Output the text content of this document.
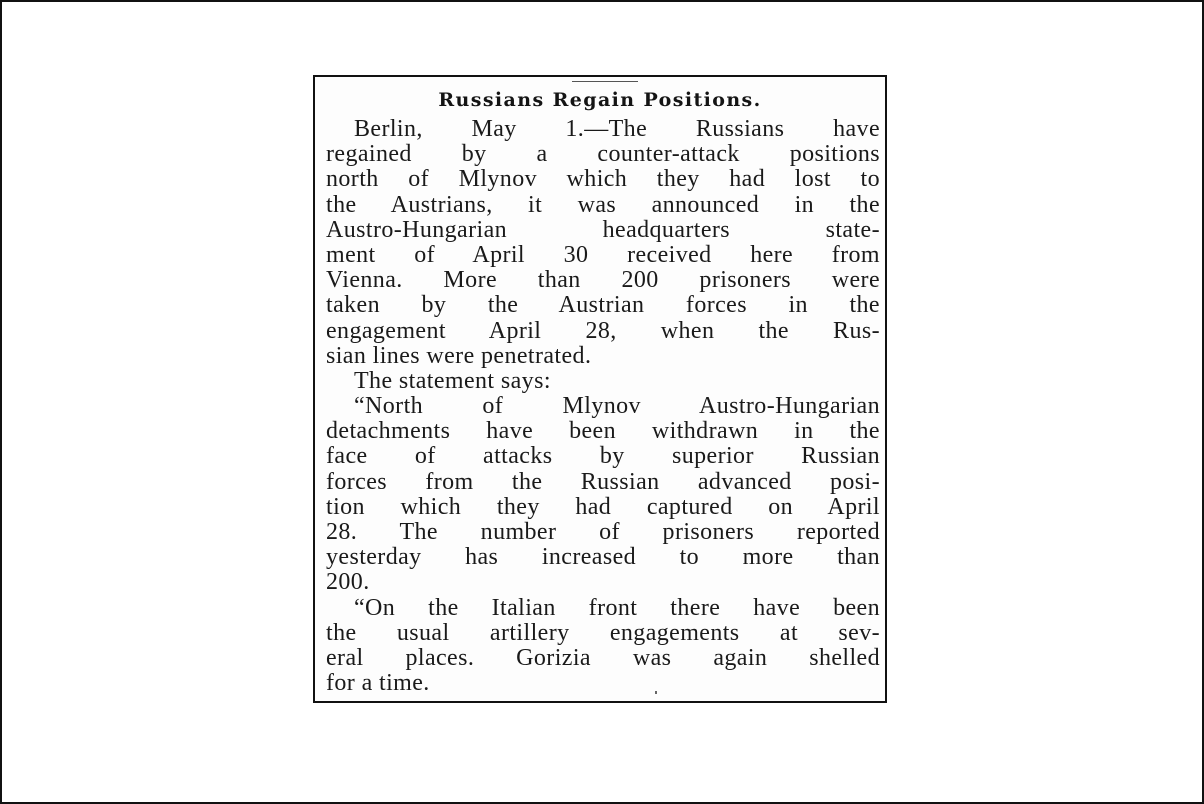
Russians Regain Positions.
Berlin, May 1.—The Russians have
regained by a counter-attack positions
north of Mlynov which they had lost to
the Austrians, it was announced in the
Austro-Hungarian headquarters state-
ment of April 30 received here from
Vienna. More than 200 prisoners were
taken by the Austrian forces in the
engagement April 28, when the Rus-
sian lines were penetrated.
The statement says:
“North of Mlynov Austro-Hungarian
detachments have been withdrawn in the
face of attacks by superior Russian
forces from the Russian advanced posi-
tion which they had captured on April
28. The number of prisoners reported
yesterday has increased to more than
200.
“On the Italian front there have been
the usual artillery engagements at sev-
eral places. Gorizia was again shelled
for a time.
